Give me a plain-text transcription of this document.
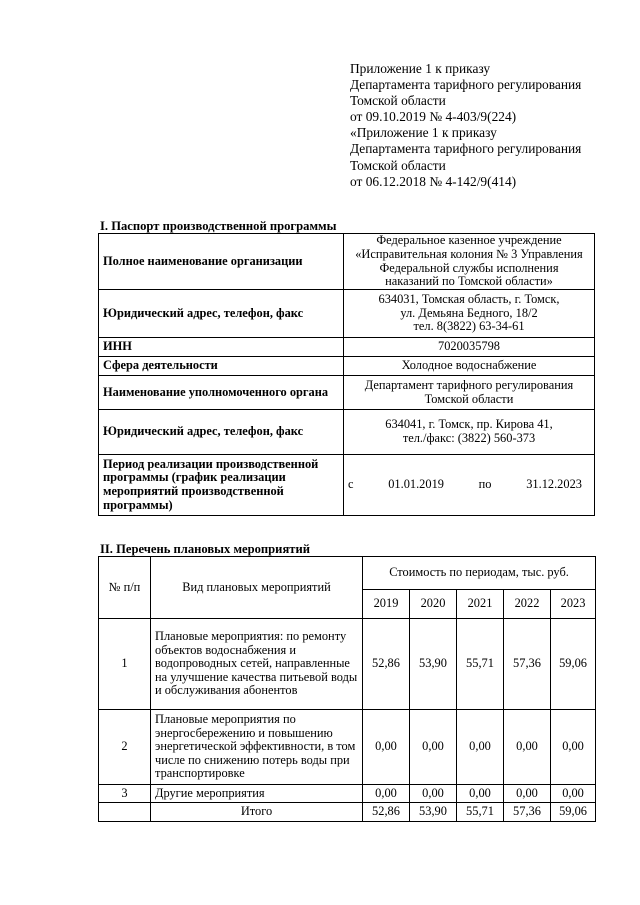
Приложение 1 к приказу
Департамента тарифного регулирования
Томской области
от 09.10.2019 № 4-403/9(224)
«Приложение 1 к приказу
Департамента тарифного регулирования
Томской области
от 06.12.2018 № 4-142/9(414)
I. Паспорт производственной программы
Полное наименование организации	Федеральное казенное учреждение
«Исправительная колония № 3 Управления
Федеральной службы исполнения
наказаний по Томской области»

Юридический адрес, телефон, факс	634031, Томская область, г. Томск,
ул. Демьяна Бедного, 18/2
тел. 8(3822) 63-34-61

ИНН	7020035798

Сфера деятельности	Холодное водоснабжение

Наименование уполномоченного органа	Департамент тарифного регулирования
Томской области

Юридический адрес, телефон, факс	634041, г. Томск, пр. Кирова 41,
тел./факс: (3822) 560-373

Период реализации производственной программы (график реализации мероприятий производственной программы)	с 01.01.2019 по 31.12.2023
II. Перечень плановых мероприятий
№ п/п	Вид плановых мероприятий	Стоимость по периодам, тыс. руб.				
		2019	2020	2021	2022	2023
1	Плановые мероприятия: по ремонту объектов водоснабжения и водопроводных сетей, направленные на улучшение качества питьевой воды и обслуживания абонентов	52,86	53,90	55,71	57,36	59,06
2	Плановые мероприятия по энергосбережению и повышению энергетической эффективности, в том числе по снижению потерь воды при транспортировке	0,00	0,00	0,00	0,00	0,00
3	Другие мероприятия	0,00	0,00	0,00	0,00	0,00
	Итого	52,86	53,90	55,71	57,36	59,06
